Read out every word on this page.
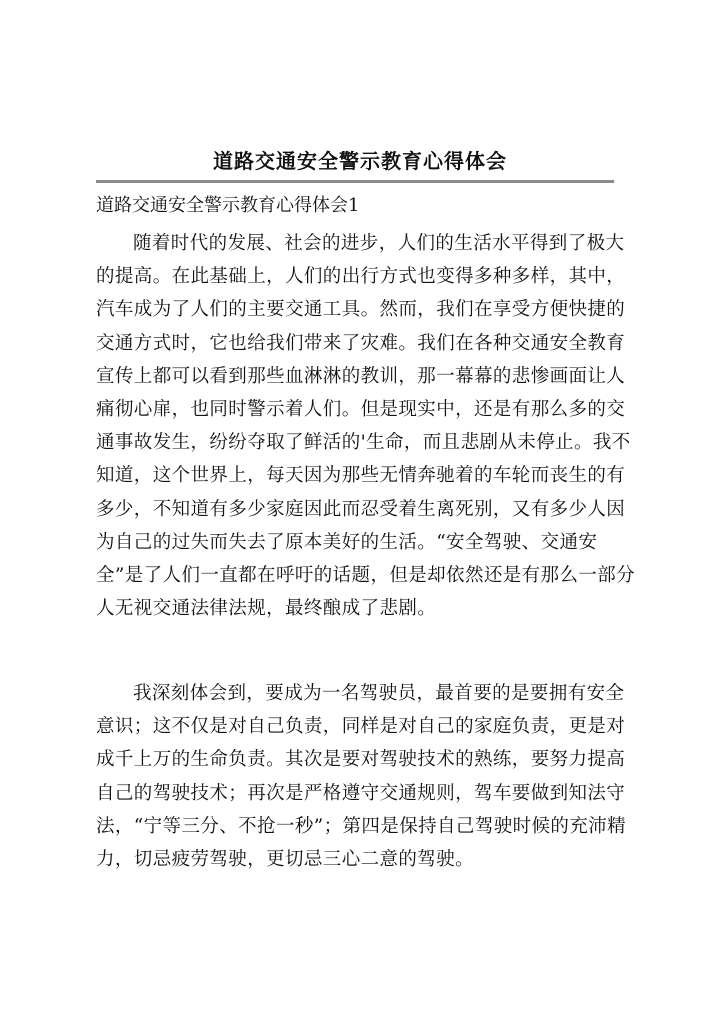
道路交通安全警示教育心得体会
道路交通安全警示教育心得体会1

随着时代的发展、社会的进步，人们的生活水平得到了极大的提高。在此基础上，人们的出行方式也变得多种多样，其中，汽车成为了人们的主要交通工具。然而，我们在享受方便快捷的交通方式时，它也给我们带来了灾难。我们在各种交通安全教育宣传上都可以看到那些血淋淋的教训，那一幕幕的悲惨画面让人痛彻心扉，也同时警示着人们。但是现实中，还是有那么多的交通事故发生，纷纷夺取了鲜活的'生命，而且悲剧从未停止。我不知道，这个世界上，每天因为那些无情奔驰着的车轮而丧生的有多少，不知道有多少家庭因此而忍受着生离死别，又有多少人因为自己的过失而失去了原本美好的生活。“安全驾驶、交通安全”是了人们一直都在呼吁的话题，但是却依然还是有那么一部分人无视交通法律法规，最终酿成了悲剧。

我深刻体会到，要成为一名驾驶员，最首要的是要拥有安全意识；这不仅是对自己负责，同样是对自己的家庭负责，更是对成千上万的生命负责。其次是要对驾驶技术的熟练，要努力提高自己的驾驶技术；再次是严格遵守交通规则，驾车要做到知法守法，“宁等三分、不抢一秒”；第四是保持自己驾驶时候的充沛精力，切忌疲劳驾驶，更切忌三心二意的驾驶。
